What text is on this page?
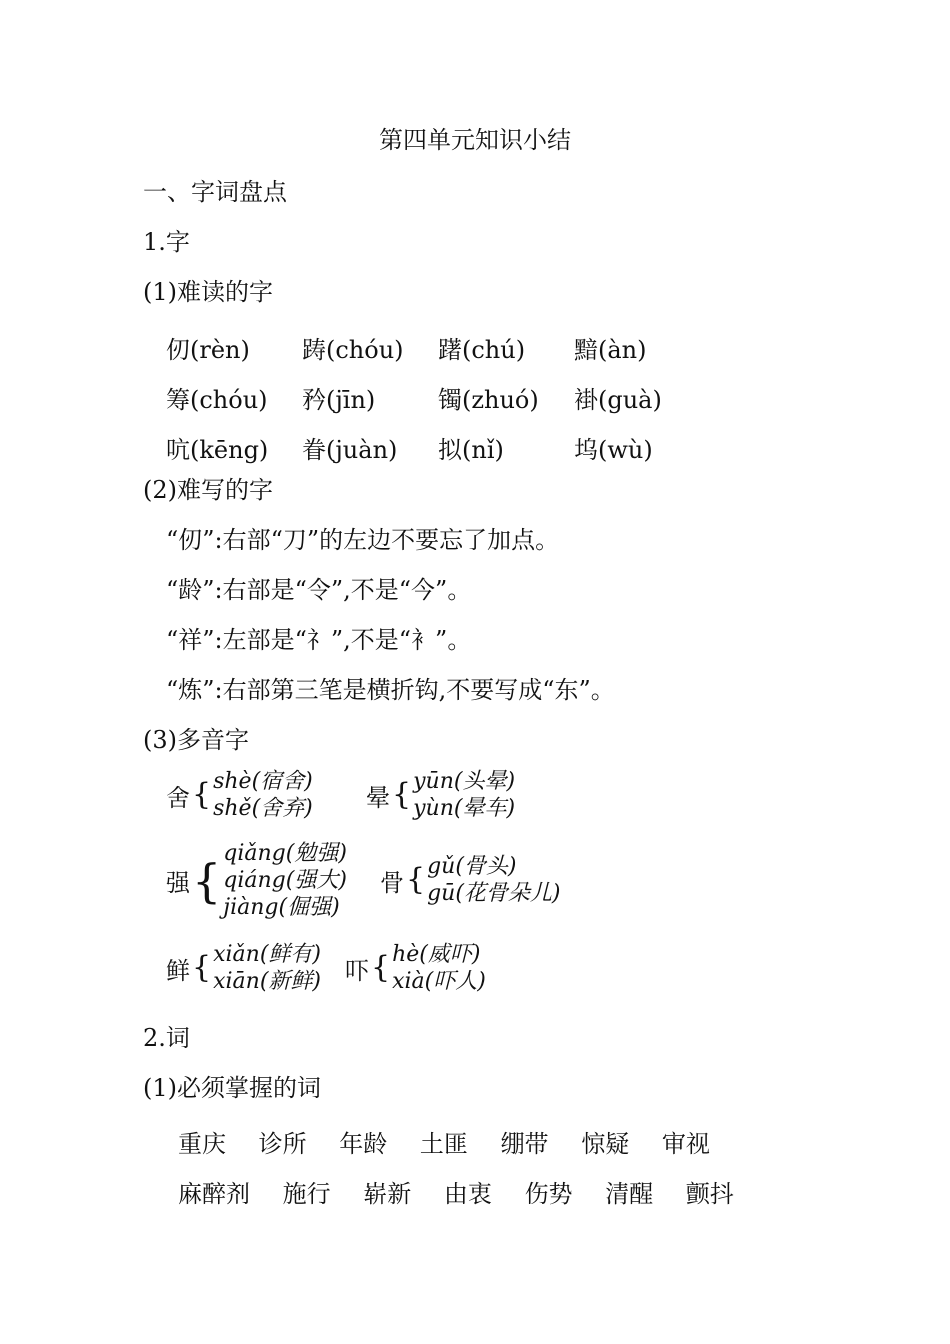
第四单元知识小结
一、字词盘点
1.字
(1)难读的字
仞(rèn) 踌(chóu) 躇(chú) 黯(àn)
筹(chóu) 矜(jīn)	镯(zhuó) 褂(guà)
吭(kēng) 眷(juàn) 拟(nǐ)	坞(wù)
(2)难写的字
“仞”:右部“刀”的左边不要忘了加点。
“龄”:右部是“令”,不是“今”。
“祥”:左部是“礻”,不是“衤”。
“炼”:右部第三笔是横折钩,不要写成“东”。
(3)多音字
舍 { shè(宿舍)
shě(舍弃) 晕 { yūn(头晕)
yùn(晕车)
强 { qiǎng(勉强)
qiáng(强大)
jiàng(倔强)
骨 { gǔ(骨头)
gū(花骨朵儿)
鲜 { xiǎn(鲜有)
xiān(新鲜) 吓 { hè(威吓)
xià(吓人)
2.词
(1)必须掌握的词
重庆 诊所 年龄 土匪 绷带 惊疑 审视
麻醉剂 施行 崭新 由衷 伤势 清醒 颤抖
